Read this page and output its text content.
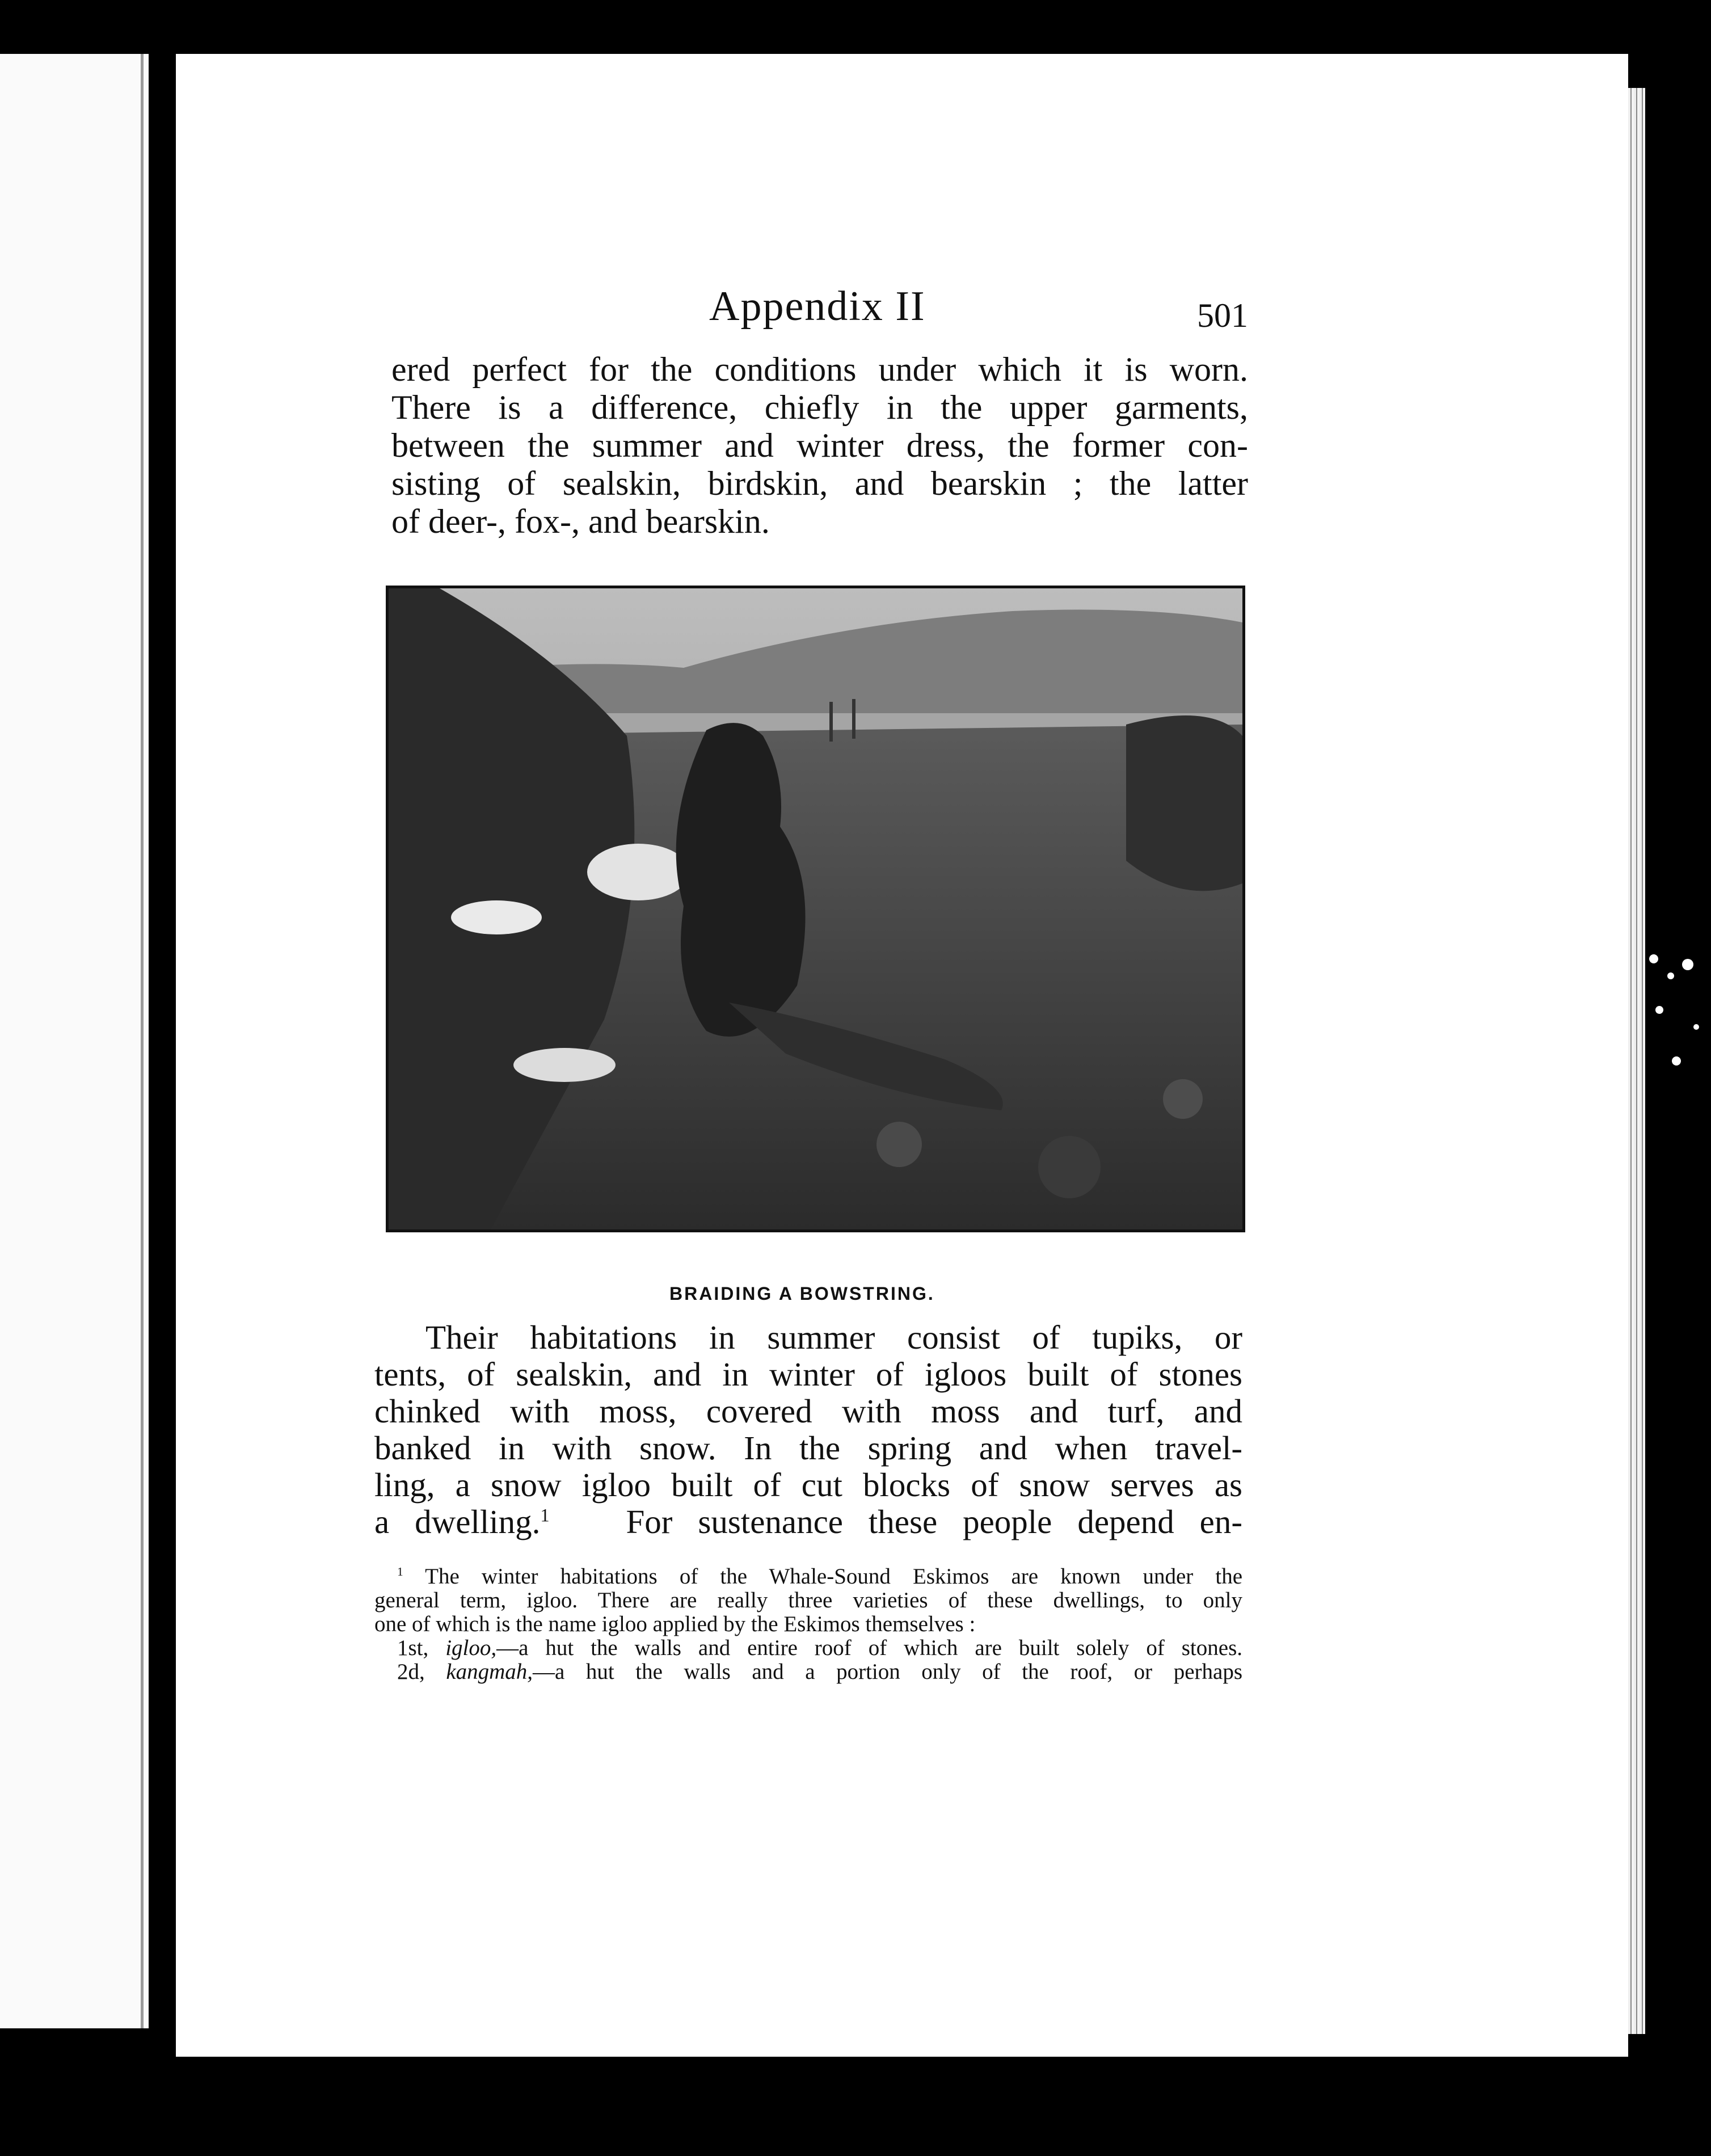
Appendix II	501
ered perfect for the conditions under which it is worn.
There is a difference, chiefly in the upper garments,
between the summer and winter dress, the former con-
sisting of sealskin, birdskin, and bearskin ; the latter
of deer-, fox-, and bearskin.
BRAIDING A BOWSTRING.
Their habitations in summer consist of tupiks, or
tents, of sealskin, and in winter of igloos built of stones
chinked with moss, covered with moss and turf, and
banked in with snow. In the spring and when travel-
ling, a snow igloo built of cut blocks of snow serves as
a dwelling.$^1$ For sustenance these people depend en-
$^1$ The winter habitations of the Whale-Sound Eskimos are known under the
general term, igloo. There are really three varieties of these dwellings, to only
one of which is the name igloo applied by the Eskimos themselves :
1st, igloo,—a hut the walls and entire roof of which are built solely of stones.
2d, kangmah,—a hut the walls and a portion only of the roof, or perhaps
